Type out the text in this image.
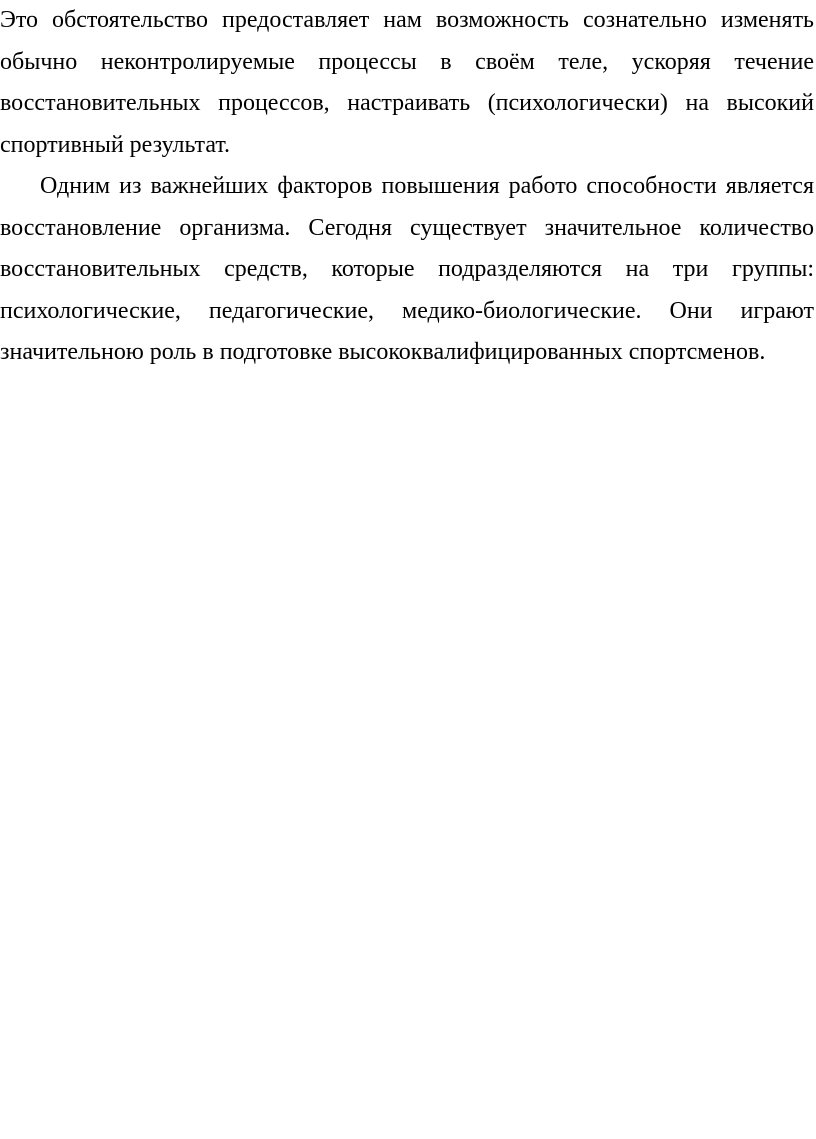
Это обстоятельство предоставляет нам возможность сознательно изменять обычно неконтролируемые процессы в своём теле, ускоряя течение восстановительных процессов, настраивать (психологически) на высокий спортивный результат.

Одним из важнейших факторов повышения работо способности является восстановление организма. Сегодня существует значительное количество восстановительных средств, которые подразделяются на три группы: психологические, педагогические, медико-биологические. Они играют значительною роль в подготовке высококвалифицированных спортсменов.
